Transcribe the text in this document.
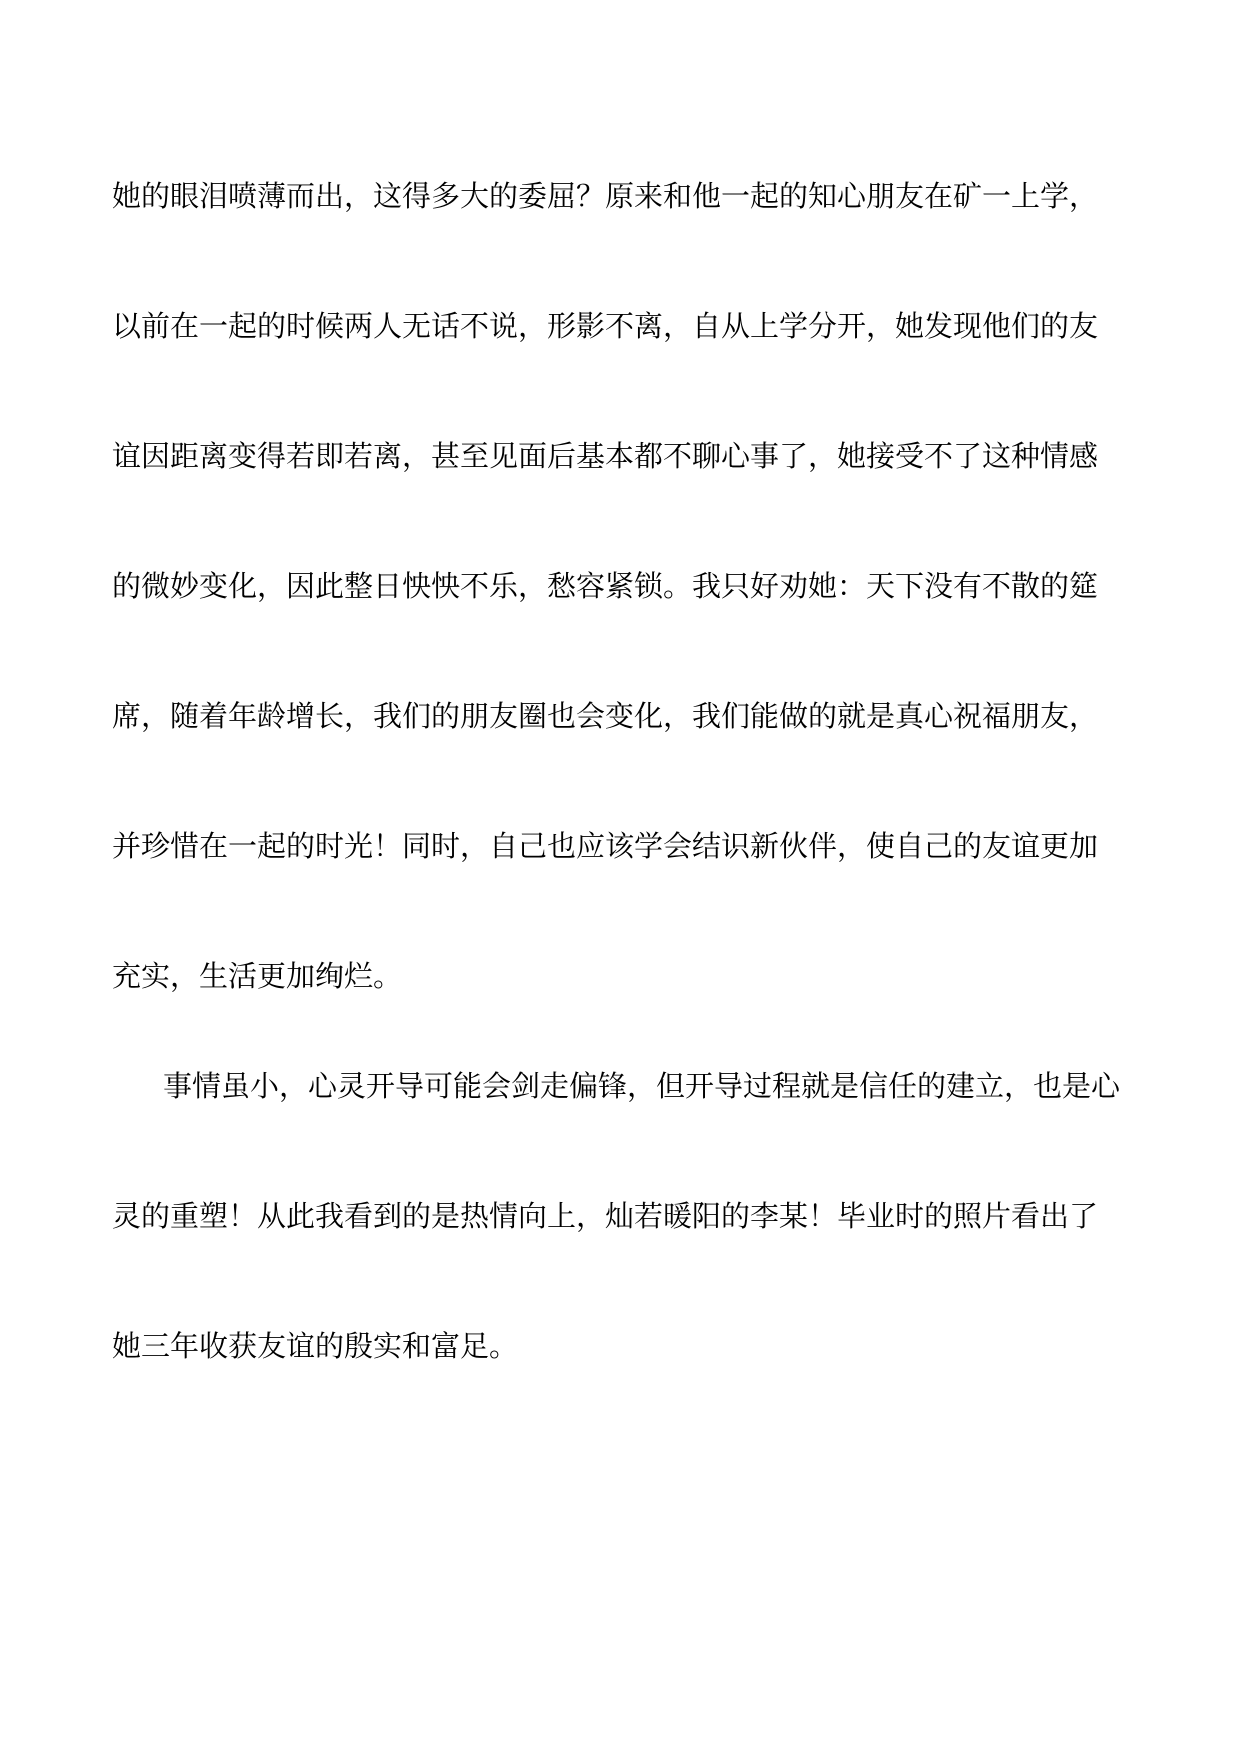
她的眼泪喷薄而出，这得多大的委屈？原来和他一起的知心朋友在矿一上学，
以前在一起的时候两人无话不说，形影不离，自从上学分开，她发现他们的友
谊因距离变得若即若离，甚至见面后基本都不聊心事了，她接受不了这种情感
的微妙变化，因此整日怏怏不乐，愁容紧锁。我只好劝她：天下没有不散的筵
席，随着年龄增长，我们的朋友圈也会变化，我们能做的就是真心祝福朋友，
并珍惜在一起的时光！同时，自己也应该学会结识新伙伴，使自己的友谊更加
充实，生活更加绚烂。
事情虽小，心灵开导可能会剑走偏锋，但开导过程就是信任的建立，也是心
灵的重塑！从此我看到的是热情向上，灿若暖阳的李某！毕业时的照片看出了
她三年收获友谊的殷实和富足。
